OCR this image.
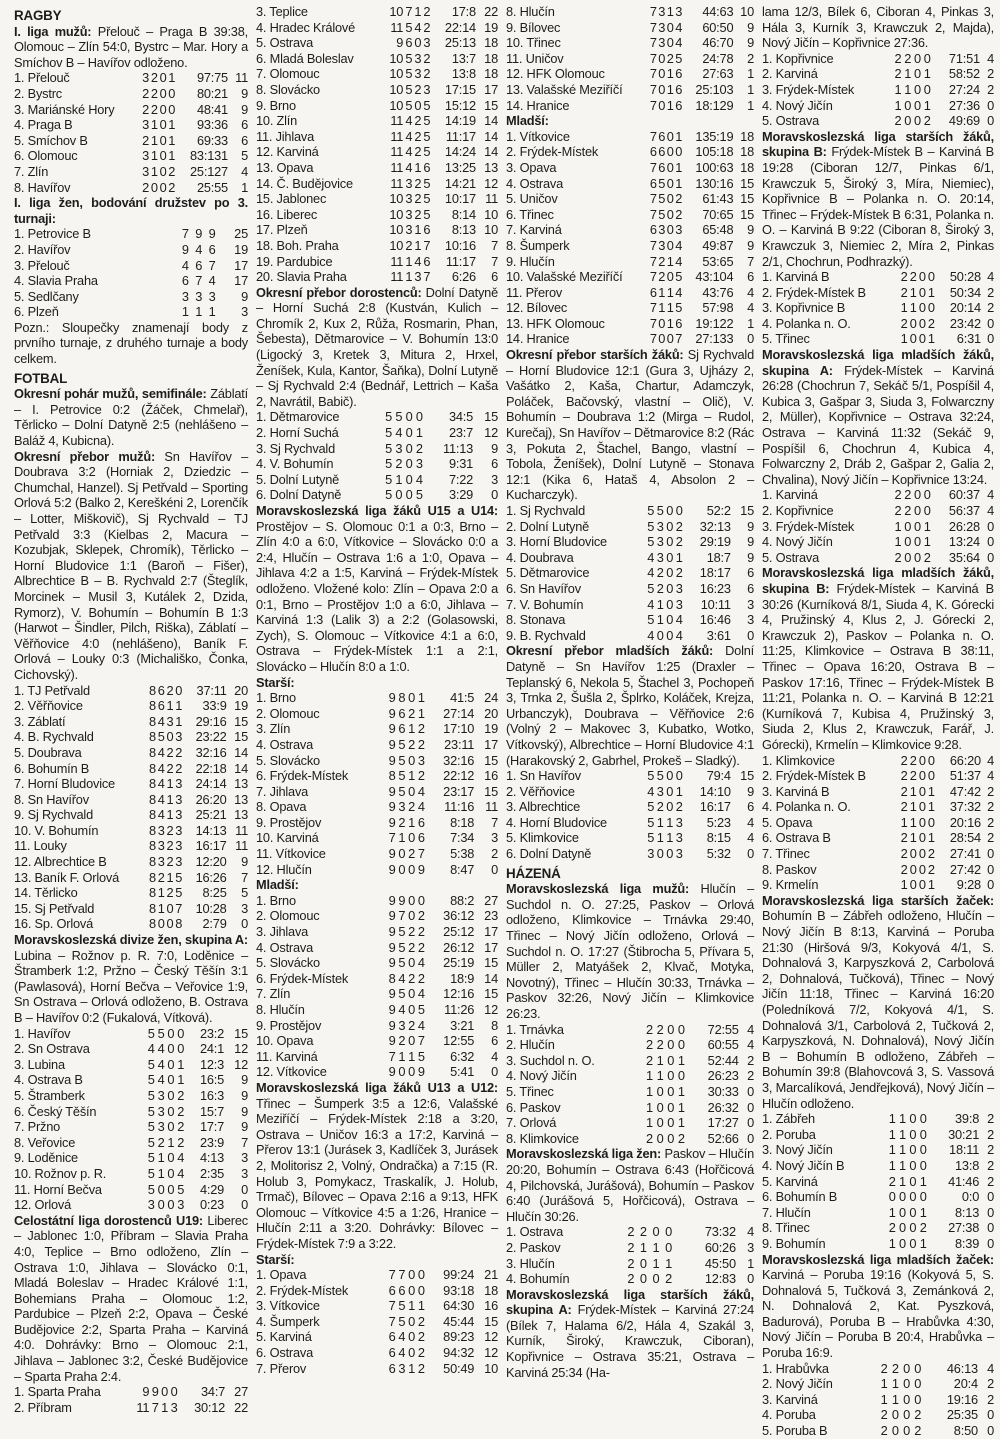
RAGBY
I. liga mužů: Přelouč – Praga B 39:38, Olomouc – Zlín 54:0, Bystrc – Mar. Hory a Smíchov B – Havířov odloženo.
1. Přelouč	3	2	0	1	97:75	11
2. Bystrc	2	2	0	0	80:21	9
3. Mariánské Hory	2	2	0	0	48:41	9
4. Praga B	3	1	0	1	93:36	6
5. Smíchov B	2	1	0	1	69:33	6
6. Olomouc	3	1	0	1	83:131	5
7. Zlín	3	1	0	2	25:127	4
8. Havířov	2	0	0	2	25:55	1
I. liga žen, bodování družstev po 3. turnaji:
1. Petrovice B	7	9	9	25
2. Havířov	9	4	6	19
3. Přelouč	4	6	7	17
4. Slavia Praha	6	7	4	17
5. Sedlčany	3	3	3	9
6. Plzeň	1	1	1	3
Pozn.: Sloupečky znamenají body z prvního turnaje, z druhého turnaje a body celkem.
FOTBAL
Okresní pohár mužů, semifinále: Záblatí – I. Petrovice 0:2 (Žáček, Chmelař), Těrlicko – Dolní Datyně 2:5 (nehlášeno – Baláž 4, Kubicna).
Okresní přebor mužů: Sn Havířov – Doubrava 3:2 (Horniak 2, Dziedzic – Chumchal, Hanzel). Sj Petřvald – Sporting Orlová 5:2 (Balko 2, Kereškéni 2, Lorenčík – Lotter, Miškovič), Sj Rychvald – TJ Petřvald 3:3 (Kielbas 2, Macura – Kozubjak, Sklepek, Chromík), Těrlicko – Horní Bludovice 1:1 (Baroň – Fišer), Albrechtice B – B. Rychvald 2:7 (Šteglík, Morcinek – Musil 3, Kutálek 2, Dzida, Rymorz), V. Bohumín – Bohumín B 1:3 (Harwot – Šindler, Pilch, Riška), Záblatí – Věřňovice 4:0 (nehlášeno), Baník F. Orlová – Louky 0:3 (Michališko, Čonka, Cichovský).
1. TJ Petřvald	8	6	2	0	37:11	20
2. Věřňovice	8	6	1	1	33:9	19
3. Záblatí	8	4	3	1	29:16	15
4. B. Rychvald	8	5	0	3	23:22	15
5. Doubrava	8	4	2	2	32:16	14
6. Bohumín B	8	4	2	2	22:18	14
7. Horní Bludovice	8	4	1	3	24:14	13
8. Sn Havířov	8	4	1	3	26:20	13
9. Sj Rychvald	8	4	1	3	25:21	13
10. V. Bohumín	8	3	2	3	14:13	11
11. Louky	8	3	2	3	16:17	11
12. Albrechtice B	8	3	2	3	12:20	9
13. Baník F. Orlová	8	2	1	5	16:26	7
14. Těrlicko	8	1	2	5	8:25	5
15. Sj Petřvald	8	1	0	7	10:28	3
16. Sp. Orlová	8	0	0	8	2:79	0
Moravskoslezská divize žen, skupina A: Lubina – Rožnov p. R. 7:0, Loděnice – Štramberk 1:2, Pržno – Český Těšín 3:1 (Pawlasová), Horní Bečva – Veřovice 1:9, Sn Ostrava – Orlová odloženo, B. Ostrava B – Havířov 0:2 (Fukalová, Vítková).
1. Havířov	5	5	0	0	23:2	15
2. Sn Ostrava	4	4	0	0	24:1	12
3. Lubina	5	4	0	1	12:3	12
4. Ostrava B	5	4	0	1	16:5	9
5. Štramberk	5	3	0	2	16:3	9
6. Český Těšín	5	3	0	2	15:7	9
7. Pržno	5	3	0	2	17:7	9
8. Veřovice	5	2	1	2	23:9	7
9. Loděnice	5	1	0	4	4:13	3
10. Rožnov p. R.	5	1	0	4	2:35	3
11. Horní Bečva	5	0	0	5	4:29	0
12. Orlová	3	0	0	3	0:23	0
Celostátní liga dorostenců U19: Liberec – Jablonec 1:0, Příbram – Slavia Praha 4:0, Teplice – Brno odloženo, Zlín – Ostrava 1:0, Jihlava – Slovácko 0:1, Mladá Boleslav – Hradec Králové 1:1, Bohemians Praha – Olomouc 1:2, Pardubice – Plzeň 2:2, Opava – České Budějovice 2:2, Sparta Praha – Karviná 4:0. Dohrávky: Brno – Olomouc 2:1, Jihlava – Jablonec 3:2, České Budějovice – Sparta Praha 2:4.
1. Sparta Praha	9	9	0	0	34:7	27
2. Příbram	11	7	1	3	30:12	22
3. Teplice	10	7	1	2	17:8	22
4. Hradec Králové	11	5	4	2	22:14	19
5. Ostrava	9	6	0	3	25:13	18
6. Mladá Boleslav	10	5	3	2	13:7	18
7. Olomouc	10	5	3	2	13:8	18
8. Slovácko	10	5	2	3	17:15	17
9. Brno	10	5	0	5	15:12	15
10. Zlín	11	4	2	5	14:19	14
11. Jihlava	11	4	2	5	11:17	14
12. Karviná	11	4	2	5	14:24	14
13. Opava	11	4	1	6	13:25	13
14. Č. Budějovice	11	3	2	5	14:21	12
15. Jablonec	10	3	2	5	10:17	11
16. Liberec	10	3	2	5	8:14	10
17. Plzeň	10	3	1	6	8:13	10
18. Boh. Praha	10	2	1	7	10:16	7
19. Pardubice	11	1	4	6	11:17	7
20. Slavia Praha	11	1	3	7	6:26	6
Okresní přebor dorostenců: Dolní Datyně – Horní Suchá 2:8 (Kustván, Kulich – Chromík 2, Kux 2, Růža, Rosmarin, Phan, Šebesta), Dětmarovice – V. Bohumín 13:0 (Ligocký 3, Kretek 3, Mitura 2, Hrxel, Ženíšek, Kula, Kantor, Šaňka), Dolní Lutyně – Sj Rychvald 2:4 (Bednář, Lettrich – Kaša 2, Navrátil, Babič).
1. Dětmarovice	5	5	0	0	34:5	15
2. Horní Suchá	5	4	0	1	23:7	12
3. Sj Rychvald	5	3	0	2	11:13	9
4. V. Bohumín	5	2	0	3	9:31	6
5. Dolní Lutyně	5	1	0	4	7:22	3
6. Dolní Datyně	5	0	0	5	3:29	0
Moravskoslezská liga žáků U15 a U14: Prostějov – S. Olomouc 0:1 a 0:3, Brno – Zlín 4:0 a 6:0, Vítkovice – Slovácko 0:0 a 2:4, Hlučín – Ostrava 1:6 a 1:0, Opava – Jihlava 4:2 a 1:5, Karviná – Frýdek-Místek odloženo. Vložené kolo: Zlín – Opava 2:0 a 0:1, Brno – Prostějov 1:0 a 6:0, Jihlava – Karviná 1:3 (Lalik 3) a 2:2 (Golasowski, Zych), S. Olomouc – Vítkovice 4:1 a 6:0, Ostrava – Frýdek-Místek 1:1 a 2:1, Slovácko – Hlučín 8:0 a 1:0.
Starší:
1. Brno	9	8	0	1	41:5	24
2. Olomouc	9	6	2	1	27:14	20
3. Zlín	9	6	1	2	17:10	19
4. Ostrava	9	5	2	2	23:11	17
5. Slovácko	9	5	0	3	32:16	15
6. Frýdek-Místek	8	5	1	2	22:12	16
7. Jihlava	9	5	0	4	23:17	15
8. Opava	9	3	2	4	11:16	11
9. Prostějov	9	2	1	6	8:18	7
10. Karviná	7	1	0	6	7:34	3
11. Vítkovice	9	0	2	7	5:38	2
12. Hlučín	9	0	0	9	8:47	0
Mladší:
1. Brno	9	9	0	0	88:2	27
2. Olomouc	9	7	0	2	36:12	23
3. Jihlava	9	5	2	2	25:12	17
4. Ostrava	9	5	2	2	26:12	17
5. Slovácko	9	5	0	4	25:19	15
6. Frýdek-Místek	8	4	2	2	18:9	14
7. Zlín	9	5	0	4	12:16	15
8. Hlučín	9	4	0	5	11:26	12
9. Prostějov	9	3	2	4	3:21	8
10. Opava	9	2	0	7	12:55	6
11. Karviná	7	1	1	5	6:32	4
12. Vítkovice	9	0	0	9	5:41	0
Moravskoslezská liga žáků U13 a U12: Třinec – Šumperk 3:5 a 12:6, Valašské Meziříčí – Frýdek-Místek 2:18 a 3:20, Ostrava – Uničov 16:3 a 17:2, Karviná – Přerov 13:1 (Jurásek 3, Kadlíček 3, Jurásek 2, Molitorisz 2, Volný, Ondračka) a 7:15 (R. Holub 3, Pomykacz, Traskalík, J. Holub, Trmač), Bílovec – Opava 2:16 a 9:13, HFK Olomouc – Vítkovice 4:5 a 1:26, Hranice – Hlučín 2:11 a 3:20. Dohrávky: Bílovec – Frýdek-Místek 7:9 a 3:22.
Starší:
1. Opava	7	7	0	0	99:24	21
2. Frýdek-Místek	6	6	0	0	93:18	18
3. Vítkovice	7	5	1	1	64:30	16
4. Šumperk	7	5	0	2	45:44	15
5. Karviná	6	4	0	2	89:23	12
6. Ostrava	6	4	0	2	94:32	12
7. Přerov	6	3	1	2	50:49	10
8. Hlučín	7	3	1	3	44:63	10
9. Bílovec	7	3	0	4	60:50	9
10. Třinec	7	3	0	4	46:70	9
11. Uničov	7	0	2	5	24:78	2
12. HFK Olomouc	7	0	1	6	27:63	1
13. Valašské Meziříčí	7	0	1	6	25:103	1
14. Hranice	7	0	1	6	18:129	1
Mladší:
1. Vítkovice	7	6	0	1	135:19	18
2. Frýdek-Místek	6	6	0	0	105:18	18
3. Opava	7	6	0	1	100:63	18
4. Ostrava	6	5	0	1	130:16	15
5. Uničov	7	5	0	2	61:43	15
6. Třinec	7	5	0	2	70:65	15
7. Karviná	6	3	0	3	65:48	9
8. Šumperk	7	3	0	4	49:87	9
9. Hlučín	7	2	1	4	53:65	7
10. Valašské Meziříčí	7	2	0	5	43:104	6
11. Přerov	6	1	1	4	43:76	4
12. Bílovec	7	1	1	5	57:98	4
13. HFK Olomouc	7	0	1	6	19:122	1
14. Hranice	7	0	0	7	27:133	0
Okresní přebor starších žáků: Sj Rychvald – Horní Bludovice 12:1 (Gura 3, Ujházy 2, Vašátko 2, Kaša, Chartur, Adamczyk, Poláček, Bačovský, vlastní – Olič), V. Bohumín – Doubrava 1:2 (Mirga – Rudol, Kurečaj), Sn Havířov – Dětmarovice 8:2 (Rác 3, Pokuta 2, Štachel, Bango, vlastní – Tobola, Ženíšek), Dolní Lutyně – Stonava 12:1 (Kika 6, Hataš 4, Absolon 2 – Kucharczyk).
1. Sj Rychvald	5	5	0	0	52:2	15
2. Dolní Lutyně	5	3	0	2	32:13	9
3. Horní Bludovice	5	3	0	2	29:19	9
4. Doubrava	4	3	0	1	18:7	9
5. Dětmarovice	4	2	0	2	18:17	6
6. Sn Havířov	5	2	0	3	16:23	6
7. V. Bohumín	4	1	0	3	10:11	3
8. Stonava	5	1	0	4	16:46	3
9. B. Rychvald	4	0	0	4	3:61	0
Okresní přebor mladších žáků: Dolní Datyně – Sn Havířov 1:25 (Draxler – Teplanský 6, Nekola 5, Štachel 3, Pochopeň 3, Trnka 2, Šušla 2, Šplrko, Koláček, Krejza, Urbanczyk), Doubrava – Věřňovice 2:6 (Volný 2 – Makovec 3, Kubatko, Wotko, Vítkovský), Albrechtice – Horní Bludovice 4:1 (Harakovský 2, Gabrhel, Prokeš – Sladký).
1. Sn Havířov	5	5	0	0	79:4	15
2. Věřňovice	4	3	0	1	14:10	9
3. Albrechtice	5	2	0	2	16:17	6
4. Horní Bludovice	5	1	1	3	5:23	4
5. Klimkovice	5	1	1	3	8:15	4
6. Dolní Datyně	3	0	0	3	5:32	0
HÁZENÁ
Moravskoslezská liga mužů: Hlučín – Suchdol n. O. 27:25, Paskov – Orlová odloženo, Klimkovice – Trnávka 29:40, Třinec – Nový Jičín odloženo, Orlová – Suchdol n. O. 17:27 (Štibrocha 5, Přívara 5, Müller 2, Matyášek 2, Klvač, Motyka, Novotný), Třinec – Hlučín 30:33, Trnávka – Paskov 32:26, Nový Jičín – Klimkovice 26:23.
1. Trnávka	2	2	0	0	72:55	4
2. Hlučín	2	2	0	0	60:55	4
3. Suchdol n. O.	2	1	0	1	52:44	2
4. Nový Jičín	1	1	0	0	26:23	2
5. Třinec	1	0	0	1	30:33	0
6. Paskov	1	0	0	1	26:32	0
7. Orlová	1	0	0	1	17:27	0
8. Klimkovice	2	0	0	2	52:66	0
Moravskoslezská liga žen: Paskov – Hlučín 20:20, Bohumín – Ostrava 6:43 (Hořčicová 4, Pilchovská, Jurášová), Bohumín – Paskov 6:40 (Jurášová 5, Hořčicová), Ostrava – Hlučín 30:26.
1. Ostrava	2	2	0	0	73:32	4
2. Paskov	2	1	1	0	60:26	3
3. Hlučín	2	0	1	1	45:50	1
4. Bohumín	2	0	0	2	12:83	0
Moravskoslezská liga starších žáků, skupina A: Frýdek-Místek – Karviná 27:24 (Bílek 7, Halama 6/2, Hála 4, Szakál 3, Kurník, Široký, Krawczuk, Ciboran), Kopřivnice – Ostrava 35:21, Ostrava – Karviná 25:34 (Ha-
lama 12/3, Bílek 6, Ciboran 4, Pinkas 3, Hála 3, Kurník 3, Krawczuk 2, Majda), Nový Jičín – Kopřivnice 27:36.
1. Kopřivnice	2	2	0	0	71:51	4
2. Karviná	2	1	0	1	58:52	2
3. Frýdek-Místek	1	1	0	0	27:24	2
4. Nový Jičín	1	0	0	1	27:36	0
5. Ostrava	2	0	0	2	49:69	0
Moravskoslezská liga starších žáků, skupina B: Frýdek-Místek B – Karviná B 19:28 (Ciboran 12/7, Pinkas 6/1, Krawczuk 5, Široký 3, Míra, Niemiec), Kopřivnice B – Polanka n. O. 20:14, Třinec – Frýdek-Místek B 6:31, Polanka n. O. – Karviná B 9:22 (Ciboran 8, Široký 3, Krawczuk 3, Niemiec 2, Míra 2, Pinkas 2/1, Chochrun, Podhrazký).
1. Karviná B	2	2	0	0	50:28	4
2. Frýdek-Místek B	2	1	0	1	50:34	2
3. Kopřivnice B	1	1	0	0	20:14	2
4. Polanka n. O.	2	0	0	2	23:42	0
5. Třinec	1	0	0	1	6:31	0
Moravskoslezská liga mladších žáků, skupina A: Frýdek-Místek – Karviná 26:28 (Chochrun 7, Sekáč 5/1, Pospíšil 4, Kubica 3, Gašpar 3, Siuda 3, Folwarczny 2, Müller), Kopřivnice – Ostrava 32:24, Ostrava – Karviná 11:32 (Sekáč 9, Pospíšil 6, Chochrun 4, Kubica 4, Folwarczny 2, Dráb 2, Gašpar 2, Galia 2, Chvalina), Nový Jičín – Kopřivnice 13:24.
1. Karviná	2	2	0	0	60:37	4
2. Kopřivnice	2	2	0	0	56:37	4
3. Frýdek-Místek	1	0	0	1	26:28	0
4. Nový Jičín	1	0	0	1	13:24	0
5. Ostrava	2	0	0	2	35:64	0
Moravskoslezská liga mladších žáků, skupina B: Frýdek-Místek – Karviná B 30:26 (Kurníková 8/1, Siuda 4, K. Górecki 4, Pružinský 4, Klus 2, J. Górecki 2, Krawczuk 2), Paskov – Polanka n. O. 11:25, Klimkovice – Ostrava B 38:11, Třinec – Opava 16:20, Ostrava B – Paskov 17:16, Třinec – Frýdek-Místek B 11:21, Polanka n. O. – Karviná B 12:21 (Kurníková 7, Kubisa 4, Pružinský 3, Siuda 2, Klus 2, Krawczuk, Farář, J. Górecki), Krmelín – Klimkovice 9:28.
1. Klimkovice	2	2	0	0	66:20	4
2. Frýdek-Místek B	2	2	0	0	51:37	4
3. Karviná B	2	1	0	1	47:42	2
4. Polanka n. O.	2	1	0	1	37:32	2
5. Opava	1	1	0	0	20:16	2
6. Ostrava B	2	1	0	1	28:54	2
7. Třinec	2	0	0	2	27:41	0
8. Paskov	2	0	0	2	27:42	0
9. Krmelín	1	0	0	1	9:28	0
Moravskoslezská liga starších žaček: Bohumín B – Zábřeh odloženo, Hlučín – Nový Jičín B 8:13, Karviná – Poruba 21:30 (Hiršová 9/3, Kokyová 4/1, S. Dohnalová 3, Karpyszková 2, Carbolová 2, Dohnalová, Tučková), Třinec – Nový Jičín 11:18, Třinec – Karviná 16:20 (Poledníková 7/2, Kokyová 4/1, S. Dohnalová 3/1, Carbolová 2, Tučková 2, Karpyszková, N. Dohnalová), Nový Jičín B – Bohumín B odloženo, Zábřeh – Bohumín 39:8 (Blahovcová 3, S. Vassová 3, Marcalíková, Jendřejková), Nový Jičín – Hlučín odloženo.
1. Zábřeh	1	1	0	0	39:8	2
2. Poruba	1	1	0	0	30:21	2
3. Nový Jičín	1	1	0	0	18:11	2
4. Nový Jičín B	1	1	0	0	13:8	2
5. Karviná	2	1	0	1	41:46	2
6. Bohumín B	0	0	0	0	0:0	0
7. Hlučín	1	0	0	1	8:13	0
8. Třinec	2	0	0	2	27:38	0
9. Bohumín	1	0	0	1	8:39	0
Moravskoslezská liga mladších žaček: Karviná – Poruba 19:16 (Kokyová 5, S. Dohnalová 5, Tučková 3, Zemánková 2, N. Dohnalová 2, Kat. Pyszková, Badurová), Poruba B – Hrabůvka 4:30, Nový Jičín – Poruba B 20:4, Hrabůvka – Poruba 16:9.
1. Hrabůvka	2	2	0	0	46:13	4
2. Nový Jičín	1	1	0	0	20:4	2
3. Karviná	1	1	0	0	19:16	2
4. Poruba	2	0	0	2	25:35	0
5. Poruba B	2	0	0	2	8:50	0
